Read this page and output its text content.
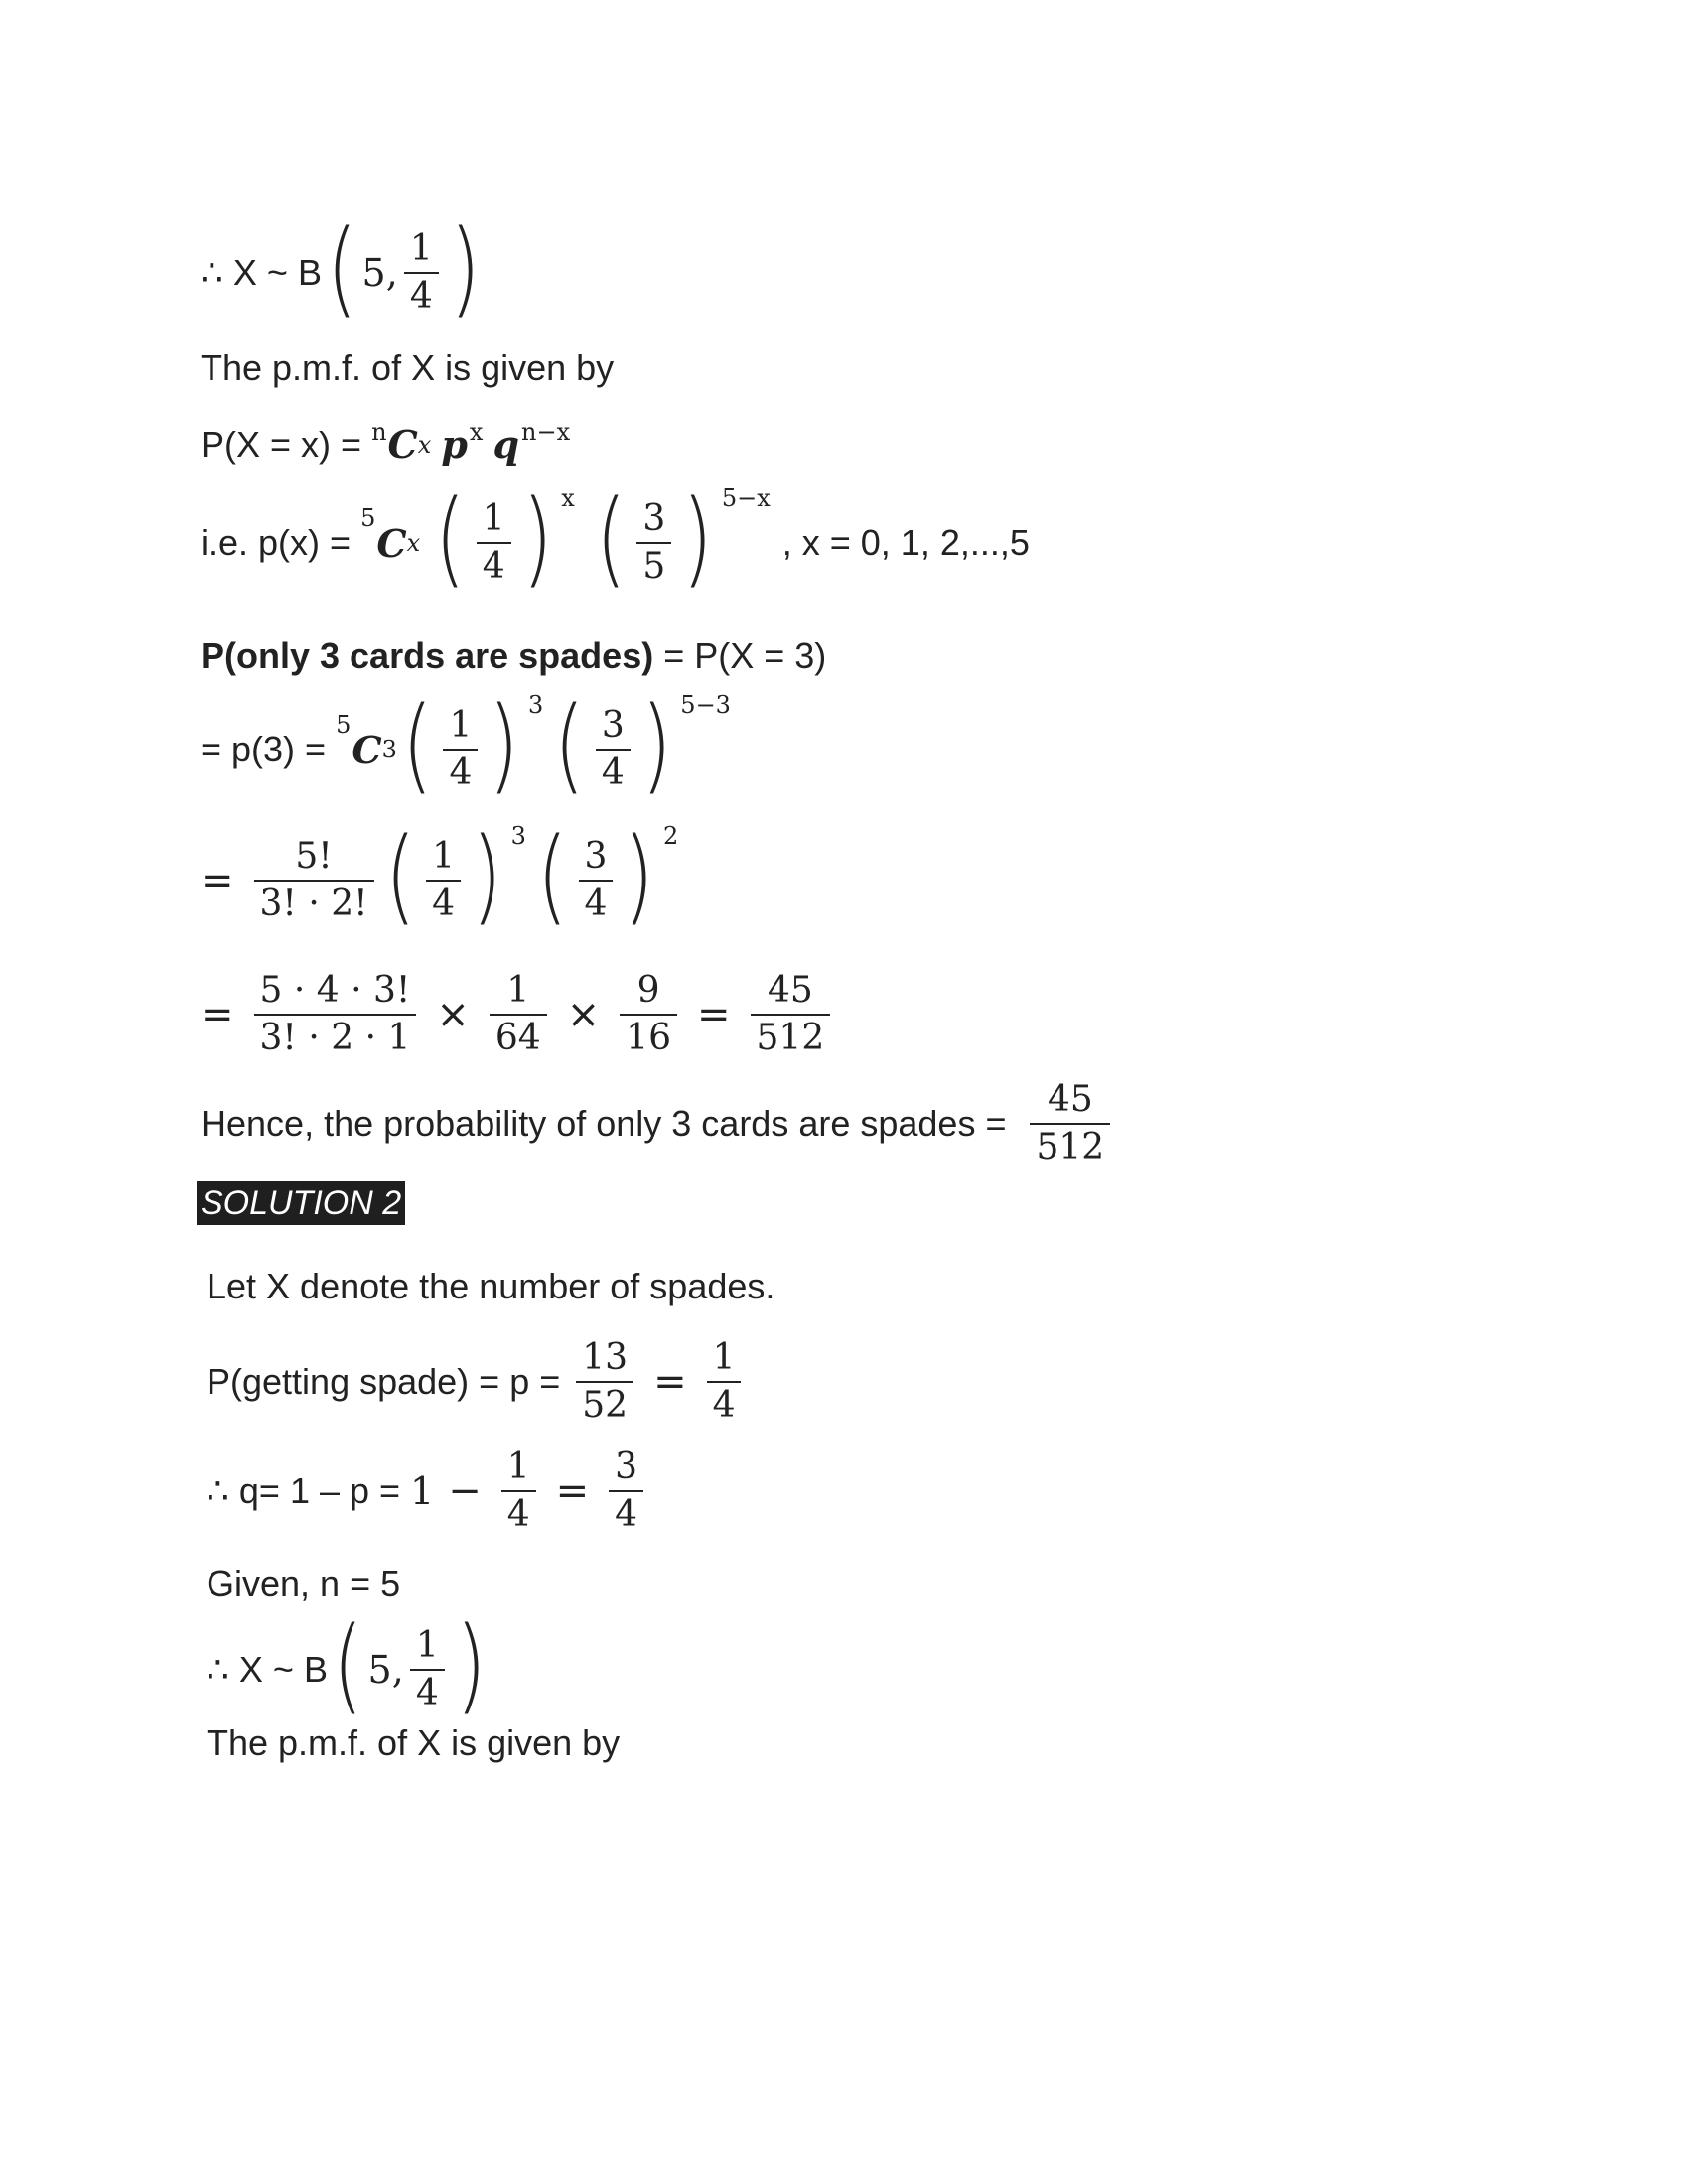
∴ X ~ B ( 5, $\frac{1}{4}$ )
The p.m.f. of X is given by
P(X = x) = n C x p x q n−x
i.e. p(x) =
5
C x ( $\frac{1}{4}$ ) x ( $\frac{3}{5}$ ) 5−x
, x = 0, 1, 2,...,5
P(only 3 cards are spades) = P(X = 3)
= p(3) =
5
C 3 ( $\frac{1}{4}$ ) 3 ( $\frac{3}{4}$ ) 5−3
= $\frac{5!}{3! \cdot 2!}$ ( $\frac{1}{4}$ ) 3 ( $\frac{3}{4}$ ) 2
= $\frac{5 \cdot 4 \cdot 3!}{3! \cdot 2 \cdot 1} \times \frac{1}{64} \times \frac{9}{16} = \frac{45}{512}$
Hence, the probability of only 3 cards are spades = $\frac{45}{512}$
SOLUTION 2
Let X denote the number of spades.
P(getting spade) = $p = \frac{13}{52} = \frac{1}{4}$
∴ $q= 1 - p = 1 - \frac{1}{4} = \frac{3}{4}$
Given, n = 5
∴ X ~ B ( 5, $\frac{1}{4}$ )
The p.m.f. of X is given by
